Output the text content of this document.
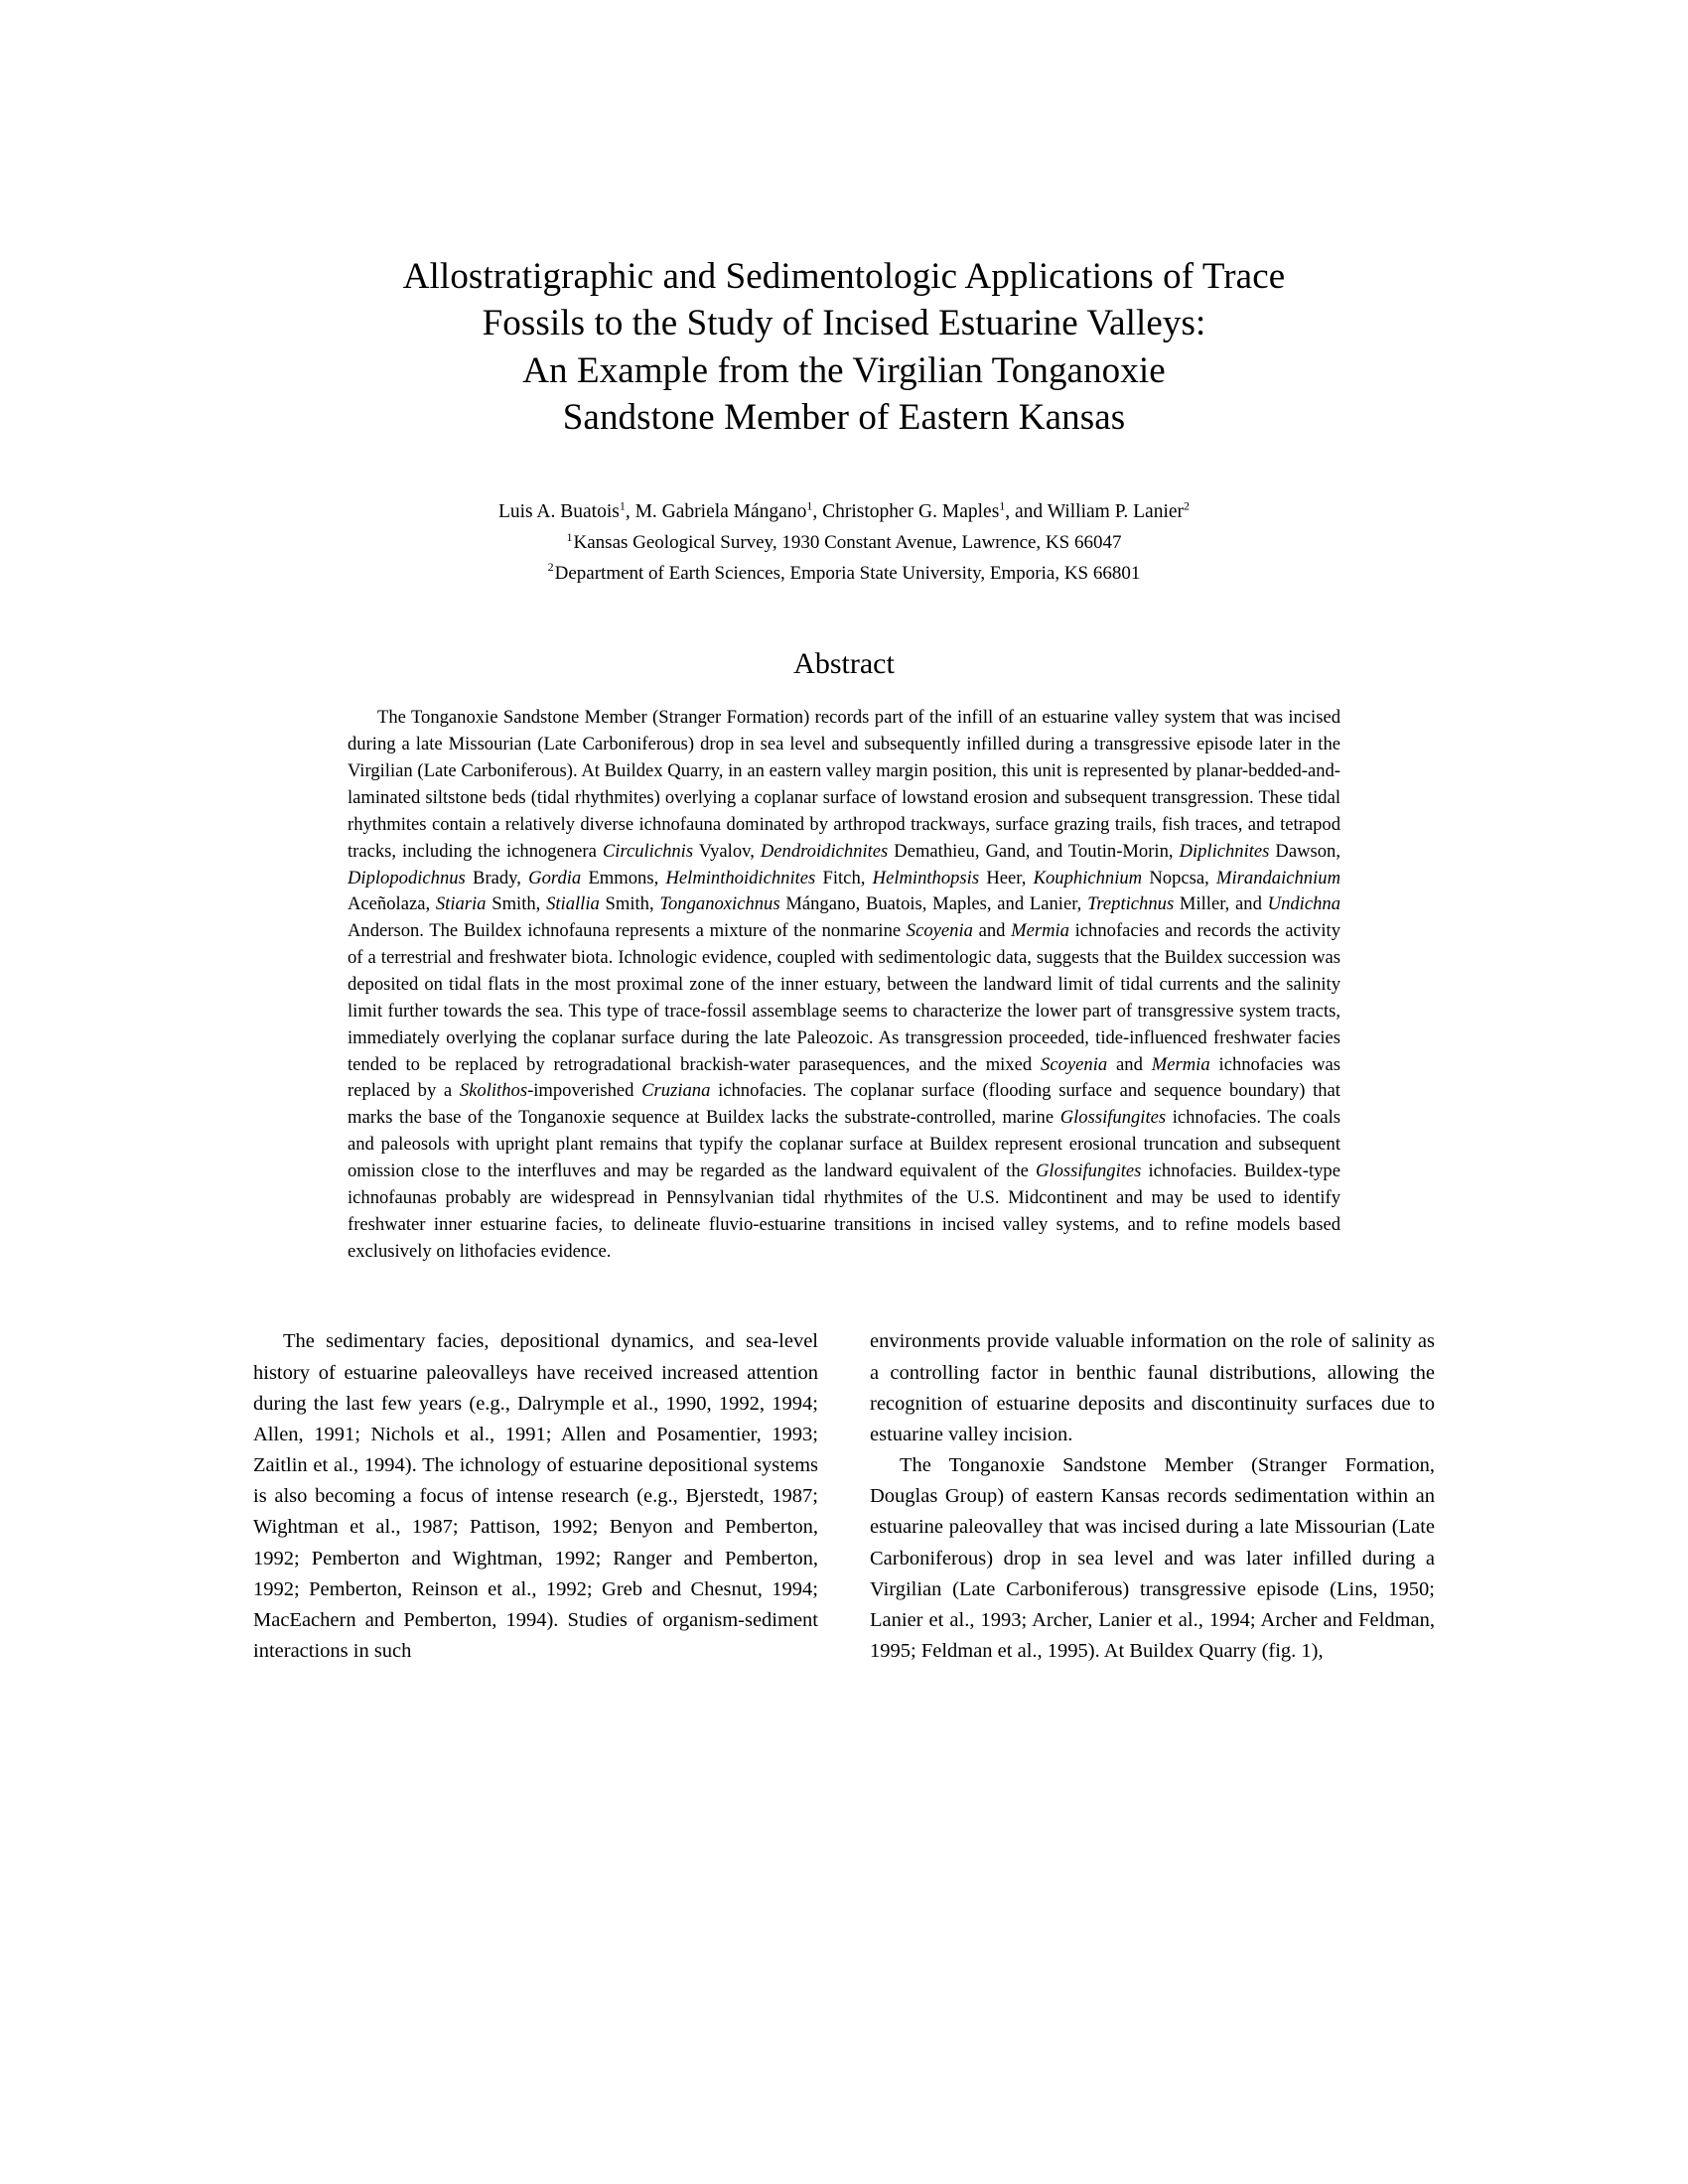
Allostratigraphic and Sedimentologic Applications of Trace
Fossils to the Study of Incised Estuarine Valleys:
An Example from the Virgilian Tonganoxie
Sandstone Member of Eastern Kansas
Luis A. Buatois$^1$, M. Gabriela Mángano$^1$, Christopher G. Maples$^1$, and William P. Lanier$^2$
$^1$Kansas Geological Survey, 1930 Constant Avenue, Lawrence, KS 66047
$^2$Department of Earth Sciences, Emporia State University, Emporia, KS 66801
Abstract
The Tonganoxie Sandstone Member (Stranger Formation) records part of the infill of an estuarine valley system that was incised during a late Missourian (Late Carboniferous) drop in sea level and subsequently infilled during a transgressive episode later in the Virgilian (Late Carboniferous). At Buildex Quarry, in an eastern valley margin position, this unit is represented by planar-bedded-and-laminated siltstone beds (tidal rhythmites) overlying a coplanar surface of lowstand erosion and subsequent transgression. These tidal rhythmites contain a relatively diverse ichnofauna dominated by arthropod trackways, surface grazing trails, fish traces, and tetrapod tracks, including the ichnogenera Circulichnis Vyalov, Dendroidichnites Demathieu, Gand, and Toutin-Morin, Diplichnites Dawson, Diplopodichnus Brady, Gordia Emmons, Helminthoidichnites Fitch, Helminthopsis Heer, Kouphichnium Nopcsa, Mirandaichnium Aceñolaza, Stiaria Smith, Stiallia Smith, Tonganoxichnus Mángano, Buatois, Maples, and Lanier, Treptichnus Miller, and Undichna Anderson. The Buildex ichnofauna represents a mixture of the nonmarine Scoyenia and Mermia ichnofacies and records the activity of a terrestrial and freshwater biota. Ichnologic evidence, coupled with sedimentologic data, suggests that the Buildex succession was deposited on tidal flats in the most proximal zone of the inner estuary, between the landward limit of tidal currents and the salinity limit further towards the sea. This type of trace-fossil assemblage seems to characterize the lower part of transgressive system tracts, immediately overlying the coplanar surface during the late Paleozoic. As transgression proceeded, tide-influenced freshwater facies tended to be replaced by retrogradational brackish-water parasequences, and the mixed Scoyenia and Mermia ichnofacies was replaced by a Skolithos-impoverished Cruziana ichnofacies. The coplanar surface (flooding surface and sequence boundary) that marks the base of the Tonganoxie sequence at Buildex lacks the substrate-controlled, marine Glossifungites ichnofacies. The coals and paleosols with upright plant remains that typify the coplanar surface at Buildex represent erosional truncation and subsequent omission close to the interfluves and may be regarded as the landward equivalent of the Glossifungites ichnofacies. Buildex-type ichnofaunas probably are widespread in Pennsylvanian tidal rhythmites of the U.S. Midcontinent and may be used to identify freshwater inner estuarine facies, to delineate fluvio-estuarine transitions in incised valley systems, and to refine models based exclusively on lithofacies evidence.

The sedimentary facies, depositional dynamics, and sea-level history of estuarine paleovalleys have received increased attention during the last few years (e.g., Dalrymple et al., 1990, 1992, 1994; Allen, 1991; Nichols et al., 1991; Allen and Posamentier, 1993; Zaitlin et al., 1994). The ichnology of estuarine depositional systems is also becoming a focus of intense research (e.g., Bjerstedt, 1987; Wightman et al., 1987; Pattison, 1992; Benyon and Pemberton, 1992; Pemberton and Wightman, 1992; Ranger and Pemberton, 1992; Pemberton, Reinson et al., 1992; Greb and Chesnut, 1994; MacEachern and Pemberton, 1994). Studies of organism-sediment interactions in such

environments provide valuable information on the role of salinity as a controlling factor in benthic faunal distributions, allowing the recognition of estuarine deposits and discontinuity surfaces due to estuarine valley incision.

The Tonganoxie Sandstone Member (Stranger Formation, Douglas Group) of eastern Kansas records sedimentation within an estuarine paleovalley that was incised during a late Missourian (Late Carboniferous) drop in sea level and was later infilled during a Virgilian (Late Carboniferous) transgressive episode (Lins, 1950; Lanier et al., 1993; Archer, Lanier et al., 1994; Archer and Feldman, 1995; Feldman et al., 1995). At Buildex Quarry (fig. 1),
